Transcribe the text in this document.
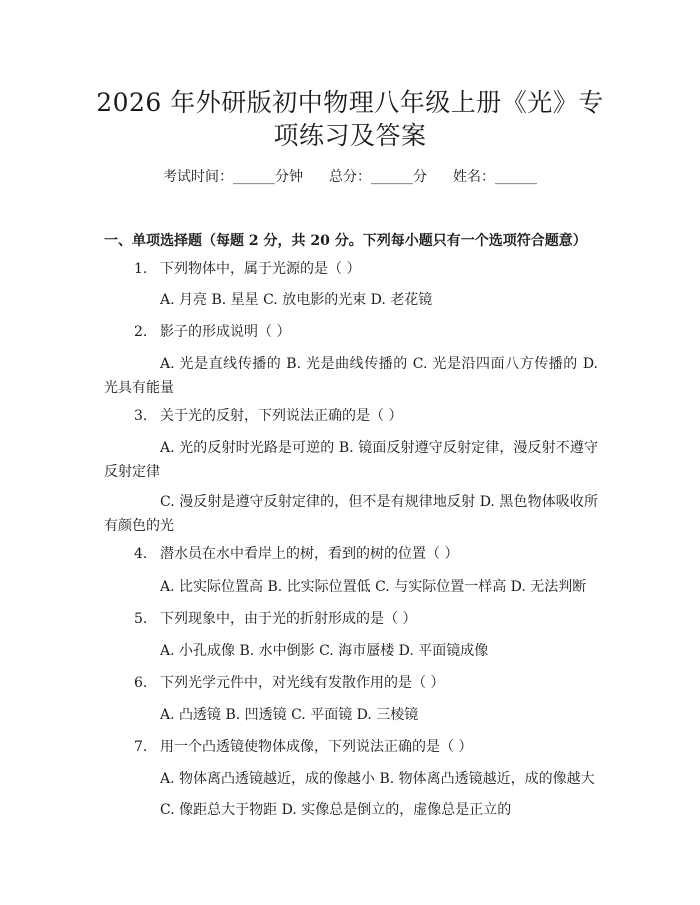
2026 年外研版初中物理八年级上册《光》专
项练习及答案
考试时间：______分钟 总分：______分 姓名：______
一、单项选择题（每题 2 分，共 20 分。下列每小题只有一个选项符合题意）
1. 下列物体中，属于光源的是（ ）
A. 月亮 B. 星星 C. 放电影的光束 D. 老花镜
2. 影子的形成说明（ ）
A. 光是直线传播的 B. 光是曲线传播的 C. 光是沿四面八方传播的 D. 光具有能量
3. 关于光的反射，下列说法正确的是（ ）
A. 光的反射时光路是可逆的 B. 镜面反射遵守反射定律，漫反射不遵守反射定律
C. 漫反射是遵守反射定律的，但不是有规律地反射 D. 黑色物体吸收所有颜色的光
4. 潜水员在水中看岸上的树，看到的树的位置（ ）
A. 比实际位置高 B. 比实际位置低 C. 与实际位置一样高 D. 无法判断
5. 下列现象中，由于光的折射形成的是（ ）
A. 小孔成像 B. 水中倒影 C. 海市蜃楼 D. 平面镜成像
6. 下列光学元件中，对光线有发散作用的是（ ）
A. 凸透镜 B. 凹透镜 C. 平面镜 D. 三棱镜
7. 用一个凸透镜使物体成像，下列说法正确的是（ ）
A. 物体离凸透镜越近，成的像越小 B. 物体离凸透镜越近，成的像越大
C. 像距总大于物距 D. 实像总是倒立的，虚像总是正立的
